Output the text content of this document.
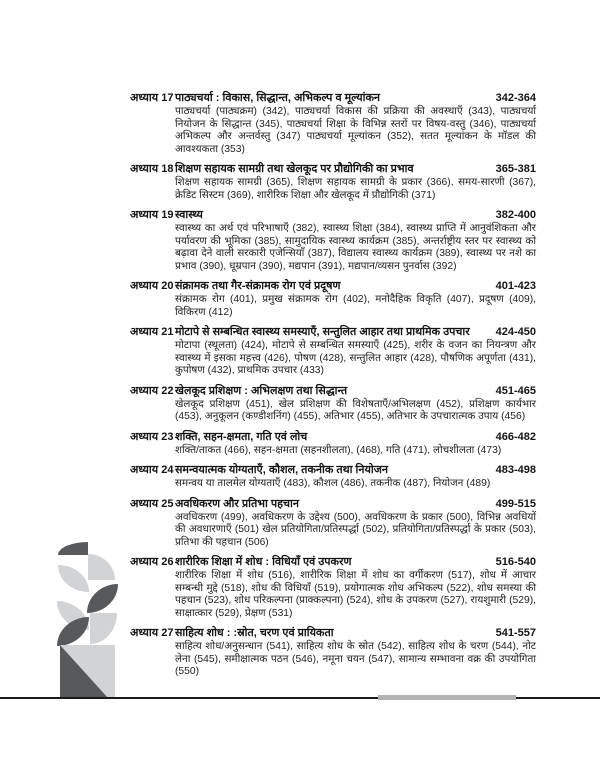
अध्याय 17 पाठ्यचर्या : विकास, सिद्धान्त, अभिकल्प व मूल्यांकन	342-364
पाठ्यचर्या (पाठ्यक्रम) (342), पाठ्यचर्या विकास की प्रक्रिया की अवस्थाएँ (343), पाठ्यचर्या नियोजन के सिद्धान्त (345), पाठ्यचर्या शिक्षा के विभिन्न स्तरों पर विषय-वस्तु (346), पाठ्यचर्या अभिकल्प और अन्तर्वस्तु (347) पाठ्यचर्या मूल्यांकन (352), सतत मूल्यांकन के मॉडल की आवश्यकता (353)
अध्याय 18 शिक्षण सहायक सामग्री तथा खेलकूद पर प्रौद्योगिकी का प्रभाव	365-381
शिक्षण सहायक सामग्री (365), शिक्षण सहायक सामग्री के प्रकार (366), समय-सारणी (367), क्रेडिट सिस्टम (369), शारीरिक शिक्षा और खेलकूद में प्रौद्योगिकी (371)
अध्याय 19 स्वास्थ्य	382-400
स्वास्थ्य का अर्थ एवं परिभाषाएँ (382), स्वास्थ्य शिक्षा (384), स्वास्थ्य प्राप्ति में आनुवंशिकता और पर्यावरण की भूमिका (385), सामुदायिक स्वास्थ्य कार्यक्रम (385), अन्तर्राष्ट्रीय स्तर पर स्वास्थ्य को बढ़ावा देने वाली सरकारी एजेन्सियाँ (387), विद्यालय स्वास्थ्य कार्यक्रम (389), स्वास्थ्य पर नशे का प्रभाव (390), धूम्रपान (390), मद्यपान (391), मद्यपान/व्यसन पुनर्वास (392)
अध्याय 20 संक्रामक तथा गैर-संक्रामक रोग एवं प्रदूषण	401-423
संक्रामक रोग (401), प्रमुख संक्रामक रोग (402), मनोदैहिक विकृति (407), प्रदूषण (409), विकिरण (412)
अध्याय 21 मोटापे से सम्बन्धित स्वास्थ्य समस्याएँ, सन्तुलित आहार तथा प्राथमिक उपचार	424-450
मोटापा (स्थूलता) (424), मोटापे से सम्बन्धित समस्याएँ (425), शरीर के वजन का नियन्त्रण और स्वास्थ्य में इसका महत्त्व (426), पोषण (428), सन्तुलित आहार (428), पौषणिक अपूर्णता (431), कुपोषण (432), प्राथमिक उपचार (433)
अध्याय 22 खेलकूद प्रशिक्षण : अभिलक्षण तथा सिद्धान्त	451-465
खेलकूद प्रशिक्षण (451), खेल प्रशिक्षण की विशेषताएँ/अभिलक्षण (452), प्रशिक्षण कार्यभार (453), अनुकूलन (कण्डीशनिंग) (455), अतिभार (455), अतिभार के उपचारात्मक उपाय (456)
अध्याय 23 शक्ति, सहन-क्षमता, गति एवं लोच	466-482
शक्ति/ताकत (466), सहन-क्षमता (सहनशीलता), (468), गति (471), लोचशीलता (473)
अध्याय 24 समन्वयात्मक योग्यताएँ, कौशल, तकनीक तथा नियोजन	483-498
समन्वय या तालमेल योग्यताएँ (483), कौशल (486), तकनीक (487), नियोजन (489)
अध्याय 25 अवधिकरण और प्रतिभा पहचान	499-515
अवधिकरण (499), अवधिकरण के उद्देश्य (500), अवधिकरण के प्रकार (500), विभिन्न अवधियों की अवधारणाएँ (501) खेल प्रतियोगिता/प्रतिस्पर्द्धा (502), प्रतियोगिता/प्रतिस्पर्द्धा के प्रकार (503), प्रतिभा की पहचान (506)
अध्याय 26 शारीरिक शिक्षा में शोध : विधियाँ एवं उपकरण	516-540
शारीरिक शिक्षा में शोध (516), शारीरिक शिक्षा में शोध का वर्गीकरण (517), शोध में आचार सम्बन्धी मुद्दे (518), शोध की विधियाँ (519), प्रयोगात्मक शोध अभिकल्प (522), शोध समस्या की पहचान (523), शोध परिकल्पना (प्राक्कल्पना) (524), शोध के उपकरण (527), रायशुमारी (529), साक्षात्कार (529), प्रेक्षण (531)
अध्याय 27 साहित्य शोध : :स्रोत, चरण एवं प्रायिकता	541-557
साहित्य शोध/अनुसन्धान (541), साहित्य शोध के स्रोत (542), साहित्य शोध के चरण (544), नोट लेना (545), समीक्षात्मक पठन (546), नमूना चयन (547), सामान्य सम्भावना वक्र की उपयोगिता (550)
